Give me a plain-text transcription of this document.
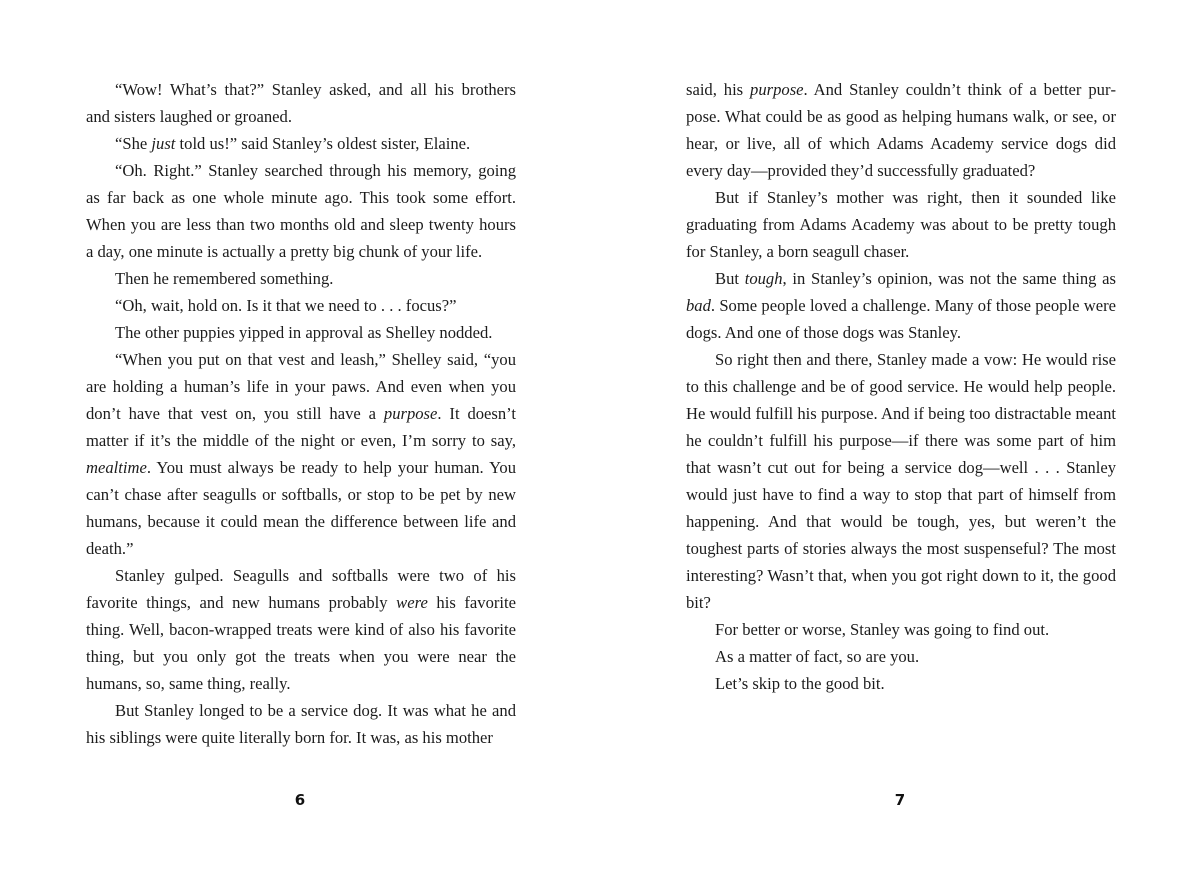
“Wow! What’s that?” Stanley asked, and all his brothers and sisters laughed or groaned.

“She just told us!” said Stanley’s oldest sister, Elaine.

“Oh. Right.” Stanley searched through his memory, going as far back as one whole minute ago. This took some effort. When you are less than two months old and sleep twenty hours a day, one minute is actually a pretty big chunk of your life.

Then he remembered something.

“Oh, wait, hold on. Is it that we need to . . . focus?”

The other puppies yipped in approval as Shelley nodded.

“When you put on that vest and leash,” Shelley said, “you are holding a human’s life in your paws. And even when you don’t have that vest on, you still have a purpose. It doesn’t matter if it’s the middle of the night or even, I’m sorry to say, mealtime. You must always be ready to help your human. You can’t chase after seagulls or softballs, or stop to be pet by new humans, because it could mean the difference between life and death.”

Stanley gulped. Seagulls and softballs were two of his favorite things, and new humans probably were his favorite thing. Well, bacon-wrapped treats were kind of also his favorite thing, but you only got the treats when you were near the humans, so, same thing, really.

But Stanley longed to be a service dog. It was what he and his siblings were quite literally born for. It was, as his mother

said, his purpose. And Stanley couldn’t think of a better purpose. What could be as good as helping humans walk, or see, or hear, or live, all of which Adams Academy service dogs did every day—provided they’d successfully graduated?

But if Stanley’s mother was right, then it sounded like graduating from Adams Academy was about to be pretty tough for Stanley, a born seagull chaser.

But tough, in Stanley’s opinion, was not the same thing as bad. Some people loved a challenge. Many of those people were dogs. And one of those dogs was Stanley.

So right then and there, Stanley made a vow: He would rise to this challenge and be of good service. He would help people. He would fulfill his purpose. And if being too distractable meant he couldn’t fulfill his purpose—if there was some part of him that wasn’t cut out for being a service dog—well . . . Stanley would just have to find a way to stop that part of himself from happening. And that would be tough, yes, but weren’t the toughest parts of stories always the most suspenseful? The most interesting? Wasn’t that, when you got right down to it, the good bit?

For better or worse, Stanley was going to find out.

As a matter of fact, so are you.

Let’s skip to the good bit.

6	7
